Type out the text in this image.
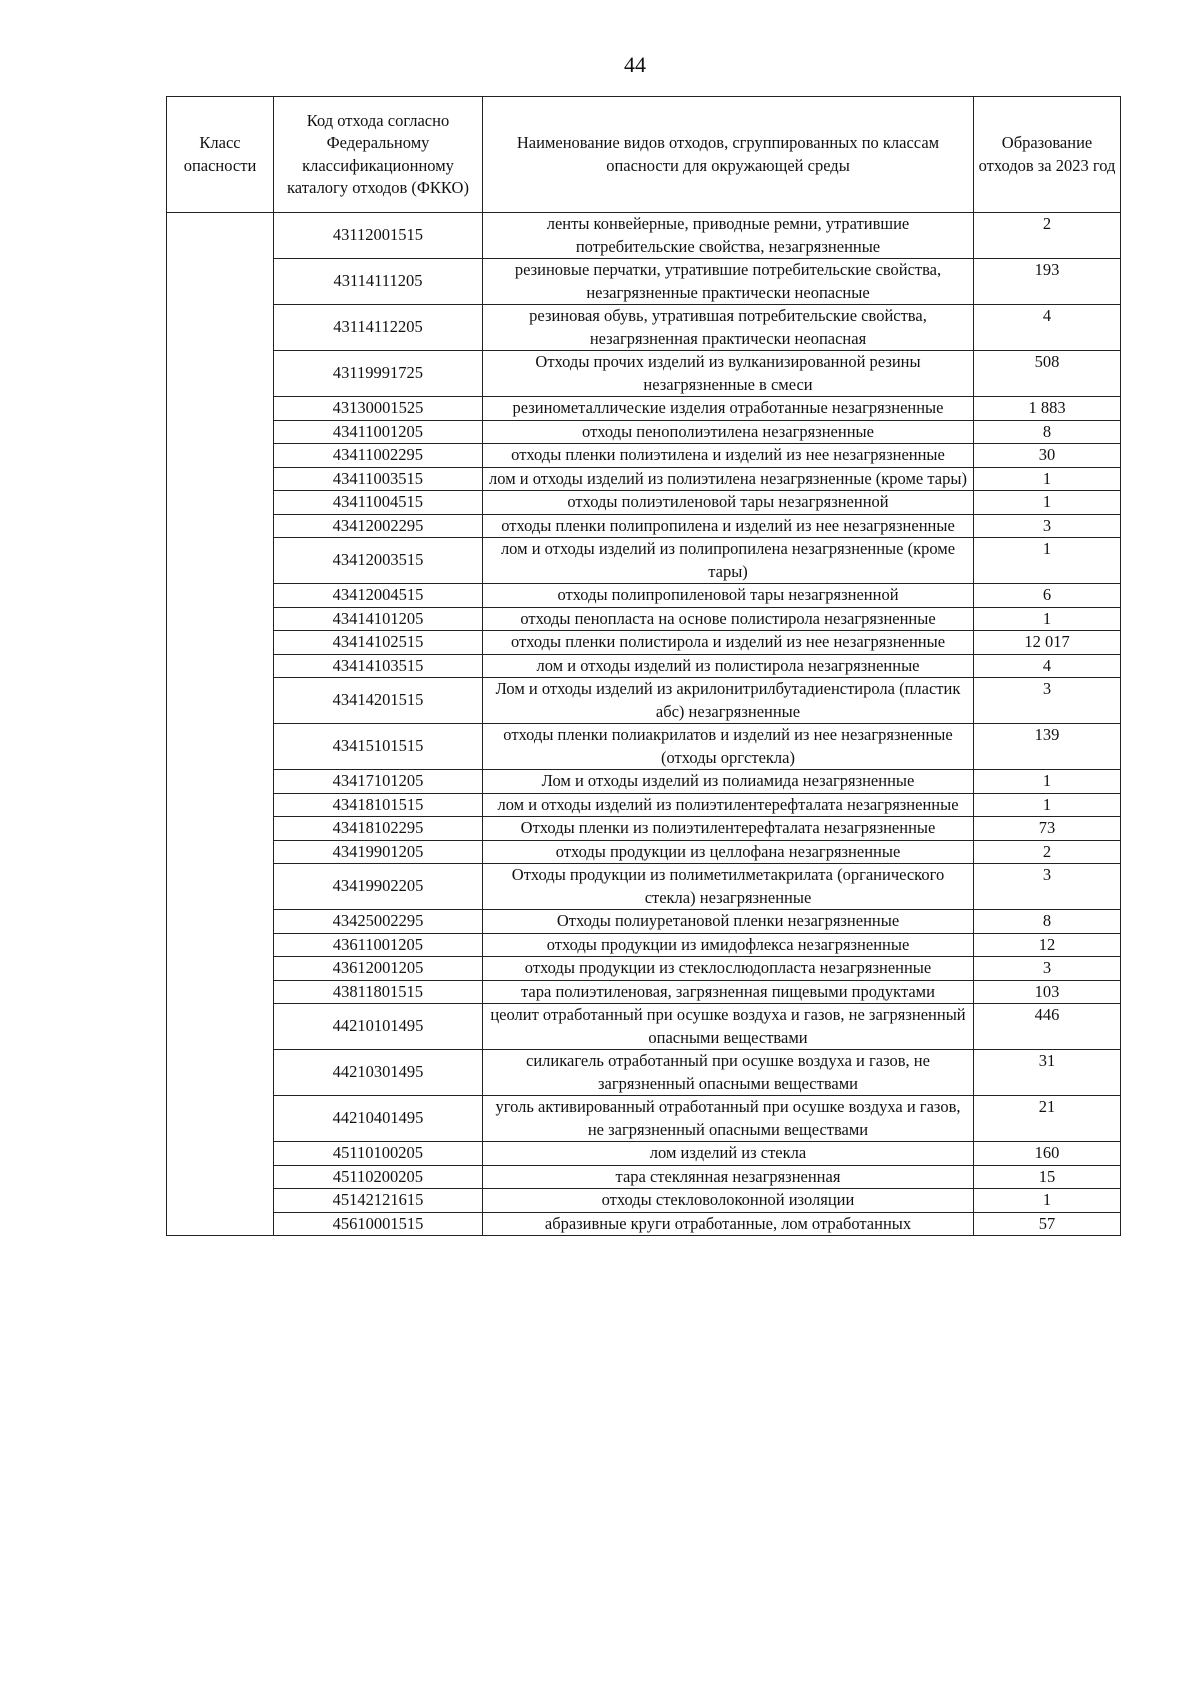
44
Класс опасности	Код отхода согласно Федеральному классификационному каталогу отходов (ФККО)	Наименование видов отходов, сгруппированных по классам опасности для окружающей среды	Образование отходов за 2023 год
	43112001515	ленты конвейерные, приводные ремни, утратившие потребительские свойства, незагрязненные	2
	43114111205	резиновые перчатки, утратившие потребительские свойства, незагрязненные практически неопасные	193
	43114112205	резиновая обувь, утратившая потребительские свойства, незагрязненная практически неопасная	4
	43119991725	Отходы прочих изделий из вулканизированной резины незагрязненные в смеси	508
	43130001525	резинометаллические изделия отработанные незагрязненные	1 883
	43411001205	отходы пенополиэтилена незагрязненные	8
	43411002295	отходы пленки полиэтилена и изделий из нее незагрязненные	30
	43411003515	лом и отходы изделий из полиэтилена незагрязненные (кроме тары)	1
	43411004515	отходы полиэтиленовой тары незагрязненной	1
	43412002295	отходы пленки полипропилена и изделий из нее незагрязненные	3
	43412003515	лом и отходы изделий из полипропилена незагрязненные (кроме тары)	1
	43412004515	отходы полипропиленовой тары незагрязненной	6
	43414101205	отходы пенопласта на основе полистирола незагрязненные	1
	43414102515	отходы пленки полистирола и изделий из нее незагрязненные	12 017
	43414103515	лом и отходы изделий из полистирола незагрязненные	4
	43414201515	Лом и отходы изделий из акрилонитрилбутадиенстирола (пластик абс) незагрязненные	3
	43415101515	отходы пленки полиакрилатов и изделий из нее незагрязненные (отходы оргстекла)	139
	43417101205	Лом и отходы изделий из полиамида незагрязненные	1
	43418101515	лом и отходы изделий из полиэтилентерефталата незагрязненные	1
	43418102295	Отходы пленки из полиэтилентерефталата незагрязненные	73
	43419901205	отходы продукции из целлофана незагрязненные	2
	43419902205	Отходы продукции из полиметилметакрилата (органического стекла) незагрязненные	3
	43425002295	Отходы полиуретановой пленки незагрязненные	8
	43611001205	отходы продукции из имидофлекса незагрязненные	12
	43612001205	отходы продукции из стеклослюдопласта незагрязненные	3
	43811801515	тара полиэтиленовая, загрязненная пищевыми продуктами	103
	44210101495	цеолит отработанный при осушке воздуха и газов, не загрязненный опасными веществами	446
	44210301495	силикагель отработанный при осушке воздуха и газов, не загрязненный опасными веществами	31
	44210401495	уголь активированный отработанный при осушке воздуха и газов, не загрязненный опасными веществами	21
	45110100205	лом изделий из стекла	160
	45110200205	тара стеклянная незагрязненная	15
	45142121615	отходы стекловолоконной изоляции	1
	45610001515	абразивные круги отработанные, лом отработанных	57
